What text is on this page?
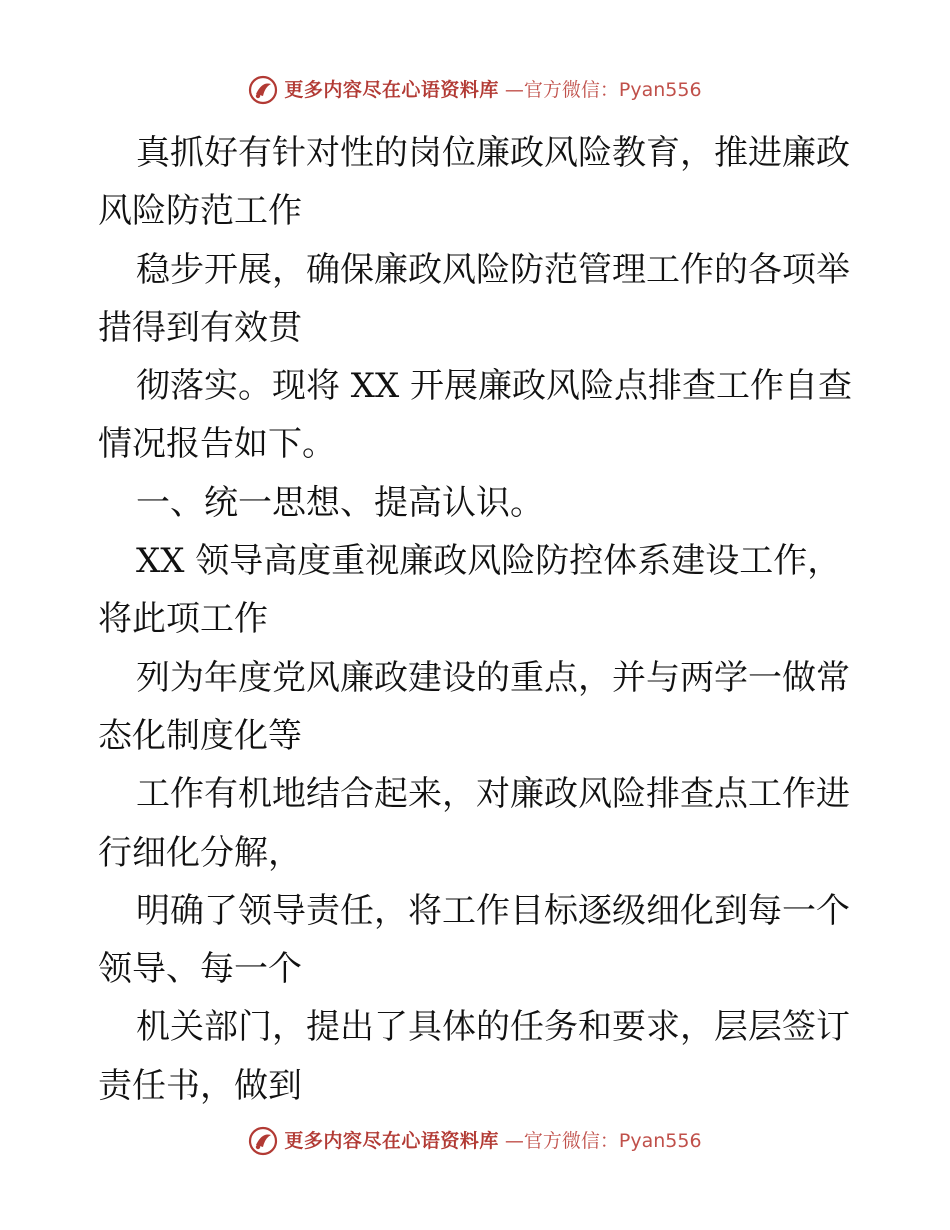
更多内容尽在心语资料库 —官方微信：Pyan556

真抓好有针对性的岗位廉政风险教育，推进廉政

风险防范工作

稳步开展，确保廉政风险防范管理工作的各项举

措得到有效贯

彻落实。现将 XX 开展廉政风险点排查工作自查

情况报告如下。

一、统一思想、提高认识。

XX 领导高度重视廉政风险防控体系建设工作，

将此项工作

列为年度党风廉政建设的重点，并与两学一做常

态化制度化等

工作有机地结合起来，对廉政风险排查点工作进

行细化分解，

明确了领导责任，将工作目标逐级细化到每一个

领导、每一个

机关部门，提出了具体的任务和要求，层层签订

责任书，做到

更多内容尽在心语资料库 —官方微信：Pyan556
